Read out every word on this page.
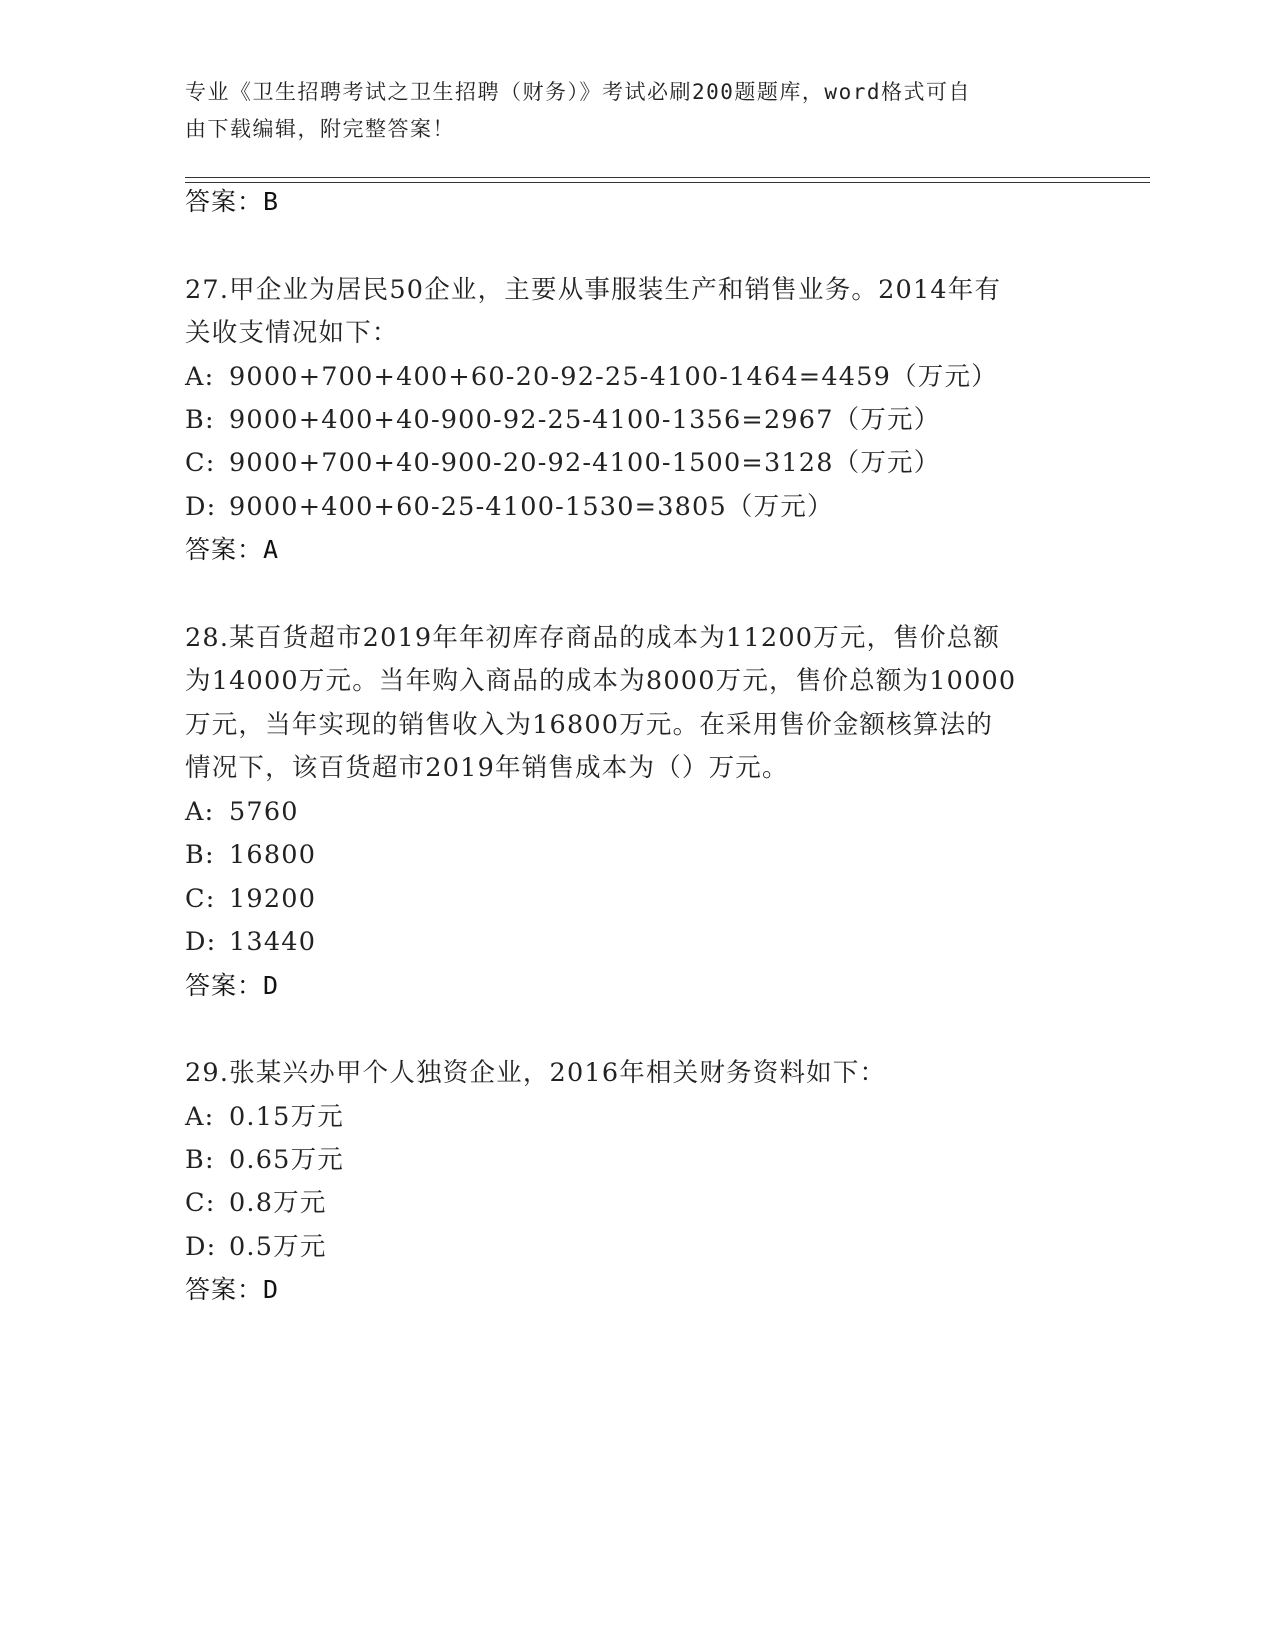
专业《卫生招聘考试之卫生招聘（财务）》考试必刷200题题库，word格式可自
由下载编辑，附完整答案！
答案：B
27.甲企业为居民50企业，主要从事服装生产和销售业务。2014年有
关收支情况如下：
A: 9000+700+400+60-20-92-25-4100-1464=4459（万元）
B: 9000+400+40-900-92-25-4100-1356=2967（万元）
C: 9000+700+40-900-20-92-4100-1500=3128（万元）
D: 9000+400+60-25-4100-1530=3805（万元）
答案：A
28.某百货超市2019年年初库存商品的成本为11200万元，售价总额
为14000万元。当年购入商品的成本为8000万元，售价总额为10000
万元，当年实现的销售收入为16800万元。在采用售价金额核算法的
情况下，该百货超市2019年销售成本为（）万元。
A: 5760
B: 16800
C: 19200
D: 13440
答案：D
29.张某兴办甲个人独资企业，2016年相关财务资料如下：
A: 0.15万元
B: 0.65万元
C: 0.8万元
D: 0.5万元
答案：D
